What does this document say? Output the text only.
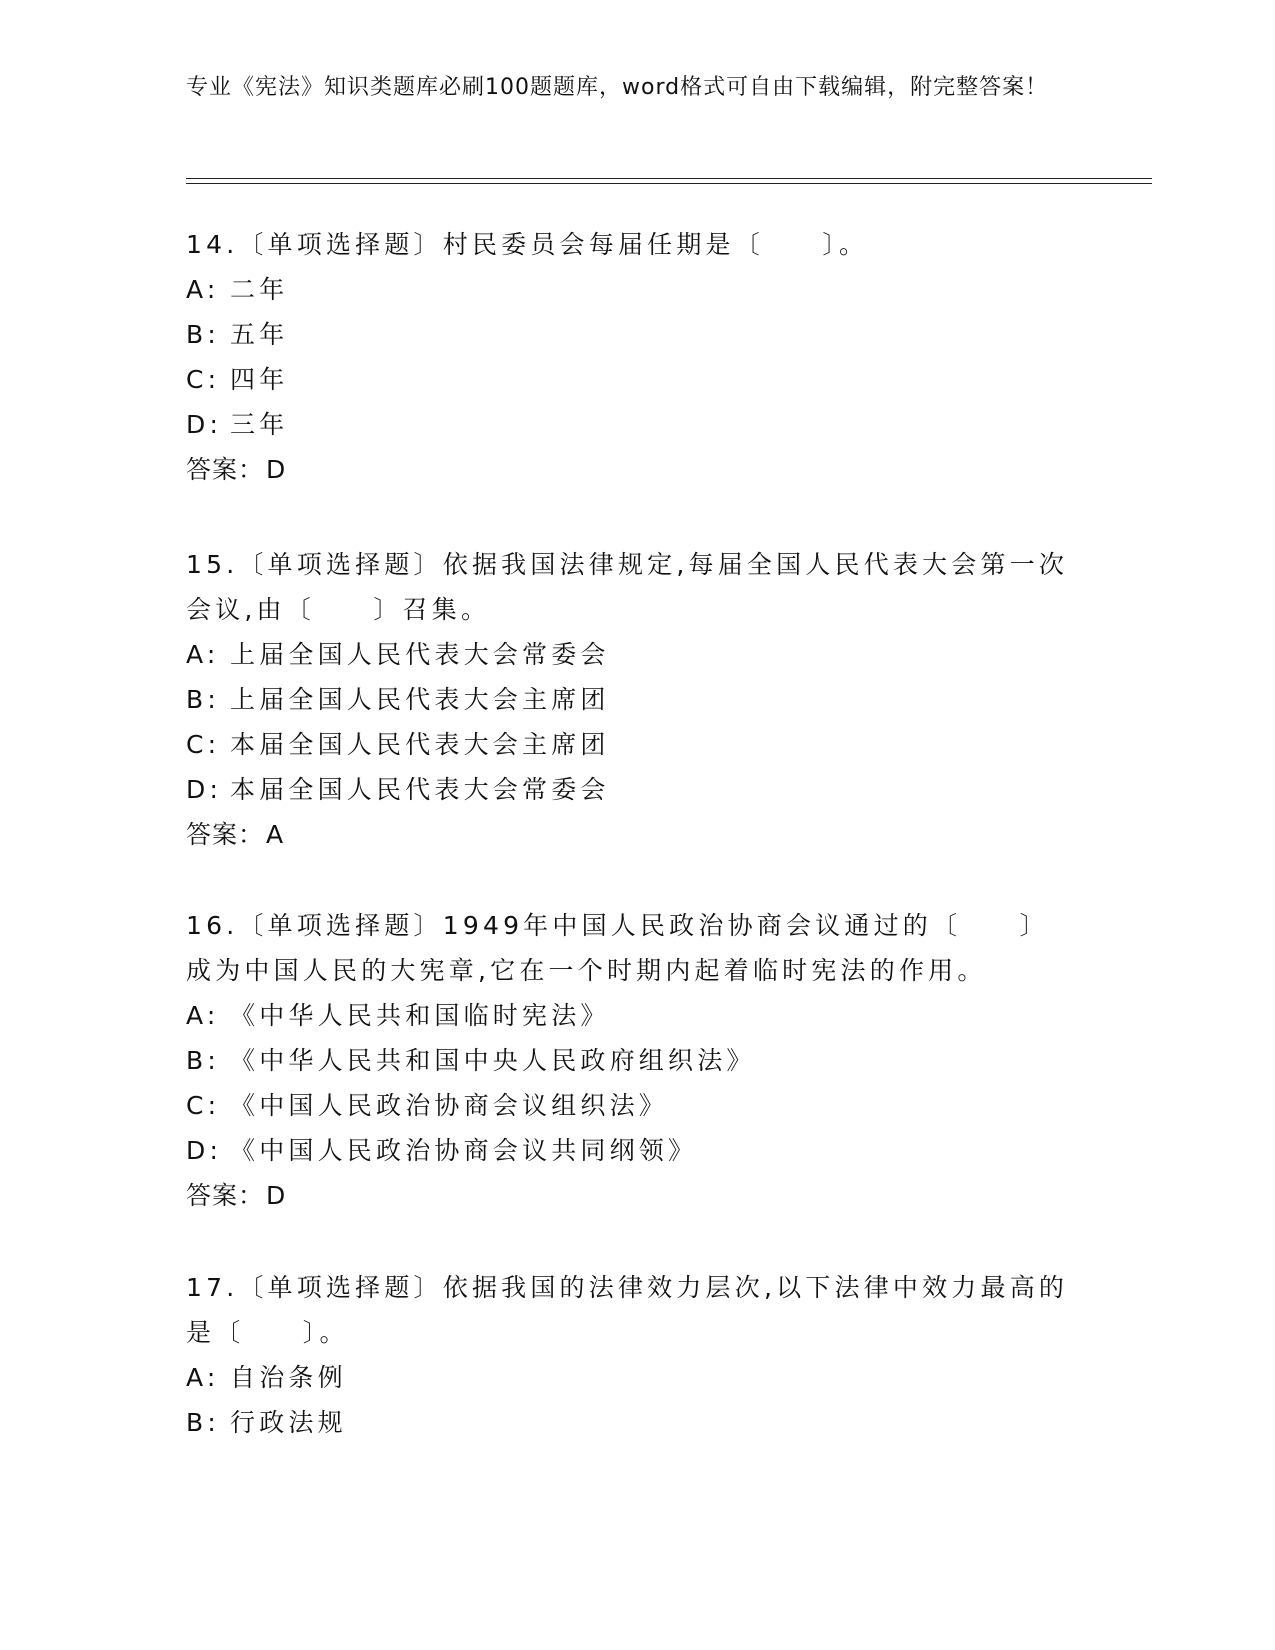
专业《宪法》知识类题库必刷100题题库，word格式可自由下载编辑，附完整答案！
14.〔单项选择题〕村民委员会每届任期是〔　　〕。
A: 二年
B: 五年
C: 四年
D: 三年
答案：D
15.〔单项选择题〕依据我国法律规定,每届全国人民代表大会第一次会议,由〔　　〕召集。
A: 上届全国人民代表大会常委会
B: 上届全国人民代表大会主席团
C: 本届全国人民代表大会主席团
D: 本届全国人民代表大会常委会
答案：A
16.〔单项选择题〕1949年中国人民政治协商会议通过的〔　　〕成为中国人民的大宪章,它在一个时期内起着临时宪法的作用。
A: 《中华人民共和国临时宪法》
B: 《中华人民共和国中央人民政府组织法》
C: 《中国人民政治协商会议组织法》
D: 《中国人民政治协商会议共同纲领》
答案：D
17.〔单项选择题〕依据我国的法律效力层次,以下法律中效力最高的是〔　　〕。
A: 自治条例
B: 行政法规
